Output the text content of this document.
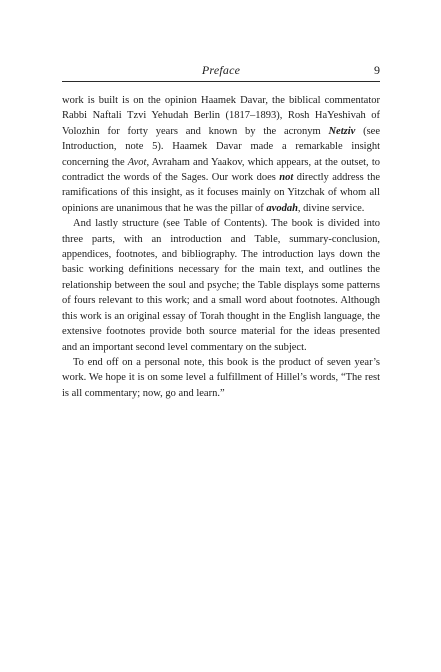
Preface	9

work is built is on the opinion Haamek Davar, the biblical commentator Rabbi Naftali Tzvi Yehudah Berlin (1817–1893), Rosh HaYeshivah of Volozhin for forty years and known by the acronym Netziv (see Introduction, note 5). Haamek Davar made a remarkable insight concerning the Avot, Avraham and Yaakov, which appears, at the outset, to contradict the words of the Sages. Our work does not directly address the ramifications of this insight, as it focuses mainly on Yitzchak of whom all opinions are unanimous that he was the pillar of avodah, divine service.

And lastly structure (see Table of Contents). The book is divided into three parts, with an introduction and Table, summary-conclusion, appendices, footnotes, and bibliography. The introduction lays down the basic working definitions necessary for the main text, and outlines the relationship between the soul and psyche; the Table displays some patterns of fours relevant to this work; and a small word about footnotes. Although this work is an original essay of Torah thought in the English language, the extensive footnotes provide both source material for the ideas presented and an important second level commentary on the subject.

To end off on a personal note, this book is the product of seven year’s work. We hope it is on some level a fulfillment of Hillel’s words, “The rest is all commentary; now, go and learn.”
